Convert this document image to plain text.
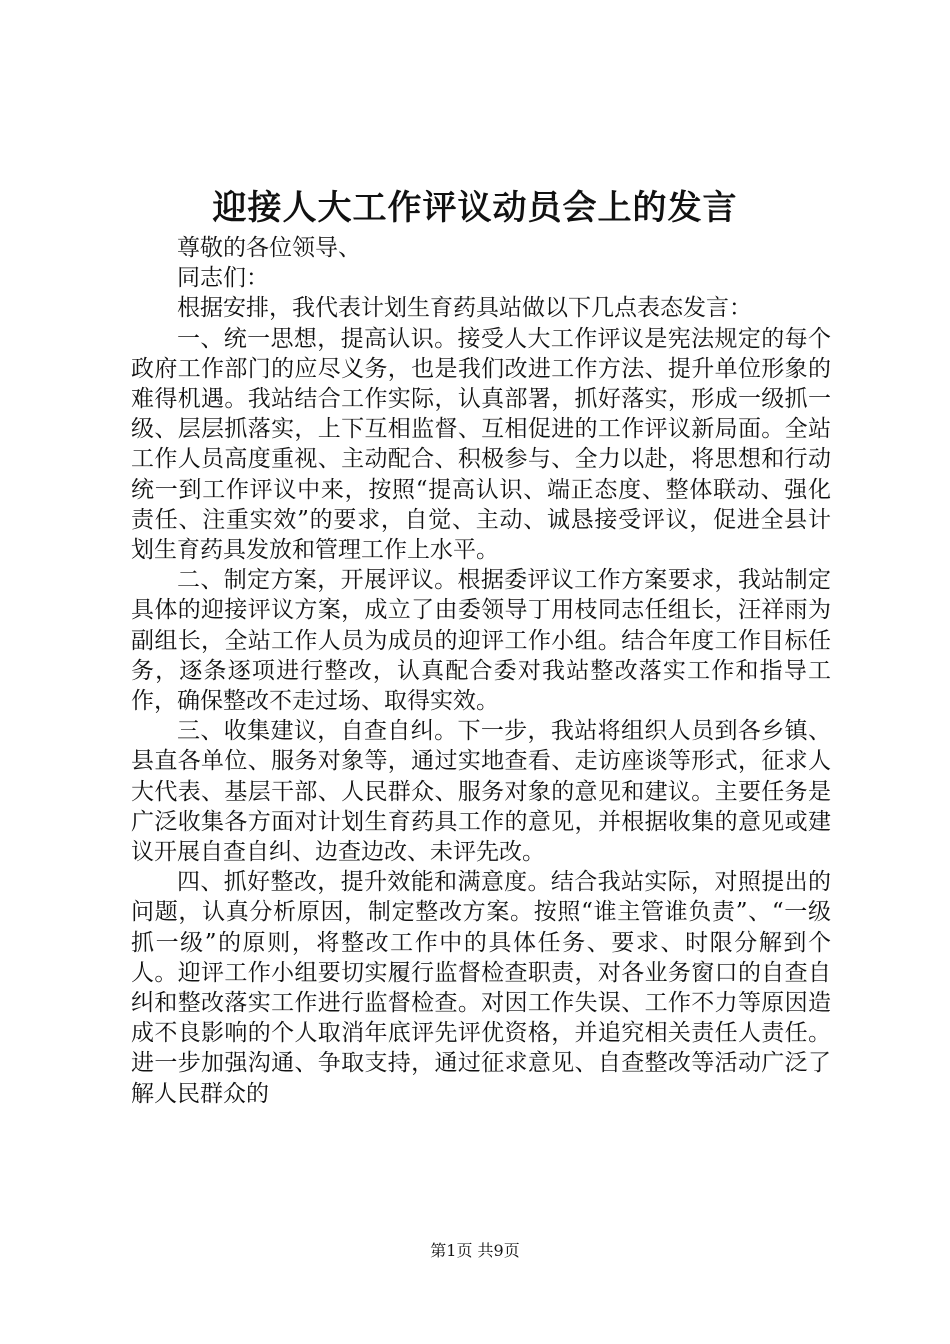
迎接人大工作评议动员会上的发言

尊敬的各位领导、

同志们：

根据安排，我代表计划生育药具站做以下几点表态发言：

一、统一思想，提高认识。接受人大工作评议是宪法规定的每个政府工作部门的应尽义务，也是我们改进工作方法、提升单位形象的难得机遇。我站结合工作实际，认真部署，抓好落实，形成一级抓一级、层层抓落实，上下互相监督、互相促进的工作评议新局面。全站工作人员高度重视、主动配合、积极参与、全力以赴，将思想和行动统一到工作评议中来，按照“提高认识、端正态度、整体联动、强化责任、注重实效”的要求，自觉、主动、诚恳接受评议，促进全县计划生育药具发放和管理工作上水平。

二、制定方案，开展评议。根据委评议工作方案要求，我站制定具体的迎接评议方案，成立了由委领导丁用枝同志任组长，汪祥雨为副组长，全站工作人员为成员的迎评工作小组。结合年度工作目标任务，逐条逐项进行整改，认真配合委对我站整改落实工作和指导工作，确保整改不走过场、取得实效。

三、收集建议，自查自纠。下一步，我站将组织人员到各乡镇、县直各单位、服务对象等，通过实地查看、走访座谈等形式，征求人大代表、基层干部、人民群众、服务对象的意见和建议。主要任务是广泛收集各方面对计划生育药具工作的意见，并根据收集的意见或建议开展自查自纠、边查边改、未评先改。

四、抓好整改，提升效能和满意度。结合我站实际，对照提出的问题，认真分析原因，制定整改方案。按照“谁主管谁负责”、“一级抓一级”的原则，将整改工作中的具体任务、要求、时限分解到个人。迎评工作小组要切实履行监督检查职责，对各业务窗口的自查自纠和整改落实工作进行监督检查。对因工作失误、工作不力等原因造成不良影响的个人取消年底评先评优资格，并追究相关责任人责任。进一步加强沟通、争取支持，通过征求意见、自查整改等活动广泛了解人民群众的

第1页 共9页
